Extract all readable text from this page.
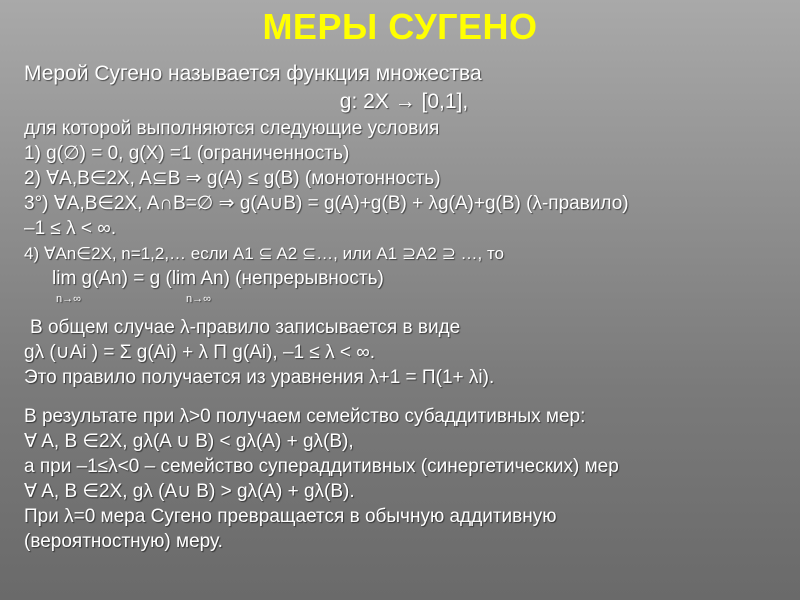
МЕРЫ СУГЕНО
Мерой Сугено называется функция множества
g: 2X → [0,1],
для которой выполняются следующие условия
1) g(∅) = 0, g(X) =1 (ограниченность)
2) ∀A,B∈2X, A⊆B ⇒ g(A) ≤ g(B) (монотонность)
3°) ∀A,B∈2X, A∩B=∅ ⇒ g(A∪B) = g(A)+g(B) + λg(A)+g(B) (λ-правило)
–1 ≤ λ < ∞.
4) ∀An∈2X, n=1,2,… если A1 ⊆ A2 ⊆…, или A1 ⊇A2 ⊇ …, то
lim g(An) = g (lim An) (непрерывность)
n→∞	n→∞
В общем случае λ-правило записывается в виде
gλ (∪Ai ) = Σ g(Ai) + λ Π g(Ai), –1 ≤ λ < ∞.
Это правило получается из уравнения λ+1 = Π(1+ λi).
В результате при λ>0 получаем семейство субаддитивных мер:
∀ A, B ∈2X, gλ(A ∪ B) < gλ(A) + gλ(B),
а при –1≤λ<0 – семейство супераддитивных (синергетических) мер
∀ A, B ∈2X, gλ (A∪ B) > gλ(A) + gλ(B).
При λ=0 мера Сугено превращается в обычную аддитивную
(вероятностную) меру.
